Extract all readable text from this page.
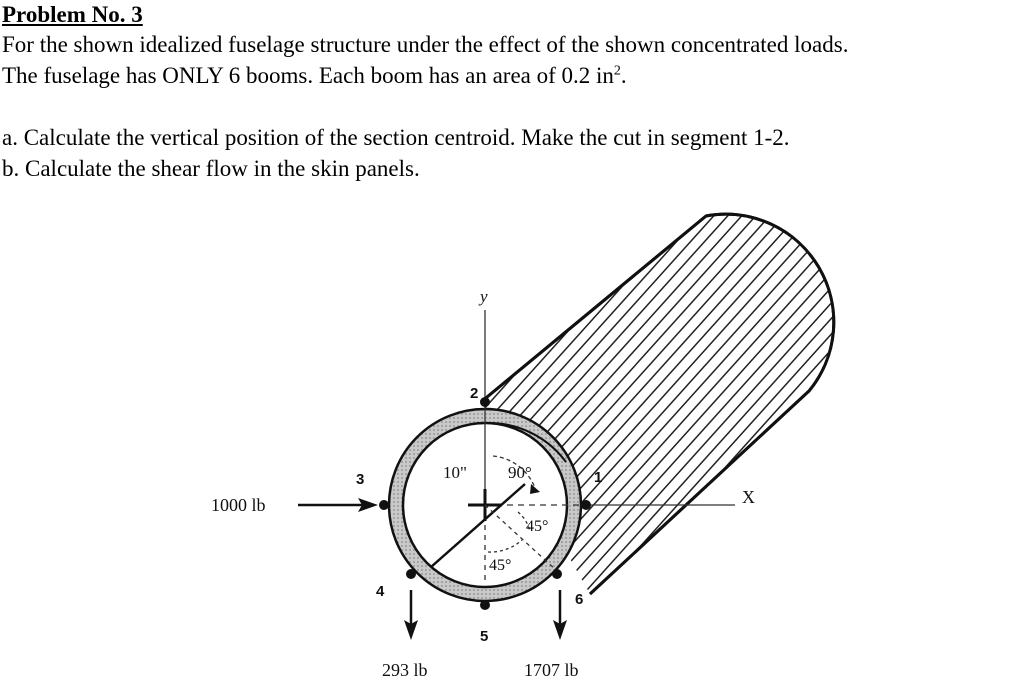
Problem No. 3
For the shown idealized fuselage structure under the effect of the shown concentrated loads.
The fuselage has ONLY 6 booms. Each boom has an area of 0.2 $in^2$.
a. Calculate the vertical position of the section centroid. Make the cut in segment 1-2.
b. Calculate the shear flow in the skin panels.
y
X
10" 90°
45°
45°
1
2
3
4
5
6
1000 lb
293 lb	1707 lb
